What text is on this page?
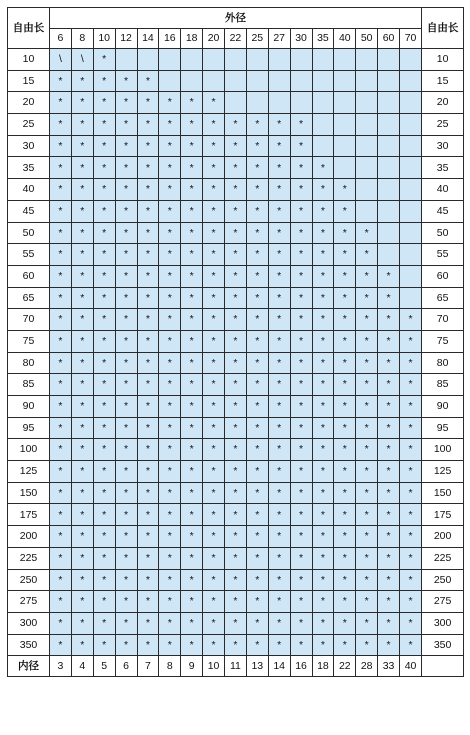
自由长	外径																	自由长
	6	8	10	12	14	16	18	20	22	25	27	30	35	40	50	60	70	
10	\	\	*															10
15	*	*	*	*	*													15
20	*	*	*	*	*	*	*	*										20
25	*	*	*	*	*	*	*	*	*	*	*	*						25
30	*	*	*	*	*	*	*	*	*	*	*	*						30
35	*	*	*	*	*	*	*	*	*	*	*	*	*					35
40	*	*	*	*	*	*	*	*	*	*	*	*	*	*				40
45	*	*	*	*	*	*	*	*	*	*	*	*	*	*				45
50	*	*	*	*	*	*	*	*	*	*	*	*	*	*	*			50
55	*	*	*	*	*	*	*	*	*	*	*	*	*	*	*			55
60	*	*	*	*	*	*	*	*	*	*	*	*	*	*	*	*		60
65	*	*	*	*	*	*	*	*	*	*	*	*	*	*	*	*		65
70	*	*	*	*	*	*	*	*	*	*	*	*	*	*	*	*	*	70
75	*	*	*	*	*	*	*	*	*	*	*	*	*	*	*	*	*	75
80	*	*	*	*	*	*	*	*	*	*	*	*	*	*	*	*	*	80
85	*	*	*	*	*	*	*	*	*	*	*	*	*	*	*	*	*	85
90	*	*	*	*	*	*	*	*	*	*	*	*	*	*	*	*	*	90
95	*	*	*	*	*	*	*	*	*	*	*	*	*	*	*	*	*	95
100	*	*	*	*	*	*	*	*	*	*	*	*	*	*	*	*	*	100
125	*	*	*	*	*	*	*	*	*	*	*	*	*	*	*	*	*	125
150	*	*	*	*	*	*	*	*	*	*	*	*	*	*	*	*	*	150
175	*	*	*	*	*	*	*	*	*	*	*	*	*	*	*	*	*	175
200	*	*	*	*	*	*	*	*	*	*	*	*	*	*	*	*	*	200
225	*	*	*	*	*	*	*	*	*	*	*	*	*	*	*	*	*	225
250	*	*	*	*	*	*	*	*	*	*	*	*	*	*	*	*	*	250
275	*	*	*	*	*	*	*	*	*	*	*	*	*	*	*	*	*	275
300	*	*	*	*	*	*	*	*	*	*	*	*	*	*	*	*	*	300
350	*	*	*	*	*	*	*	*	*	*	*	*	*	*	*	*	*	350
内径	3	4	5	6	7	8	9	10	11	13	14	16	18	22	28	33	40	
